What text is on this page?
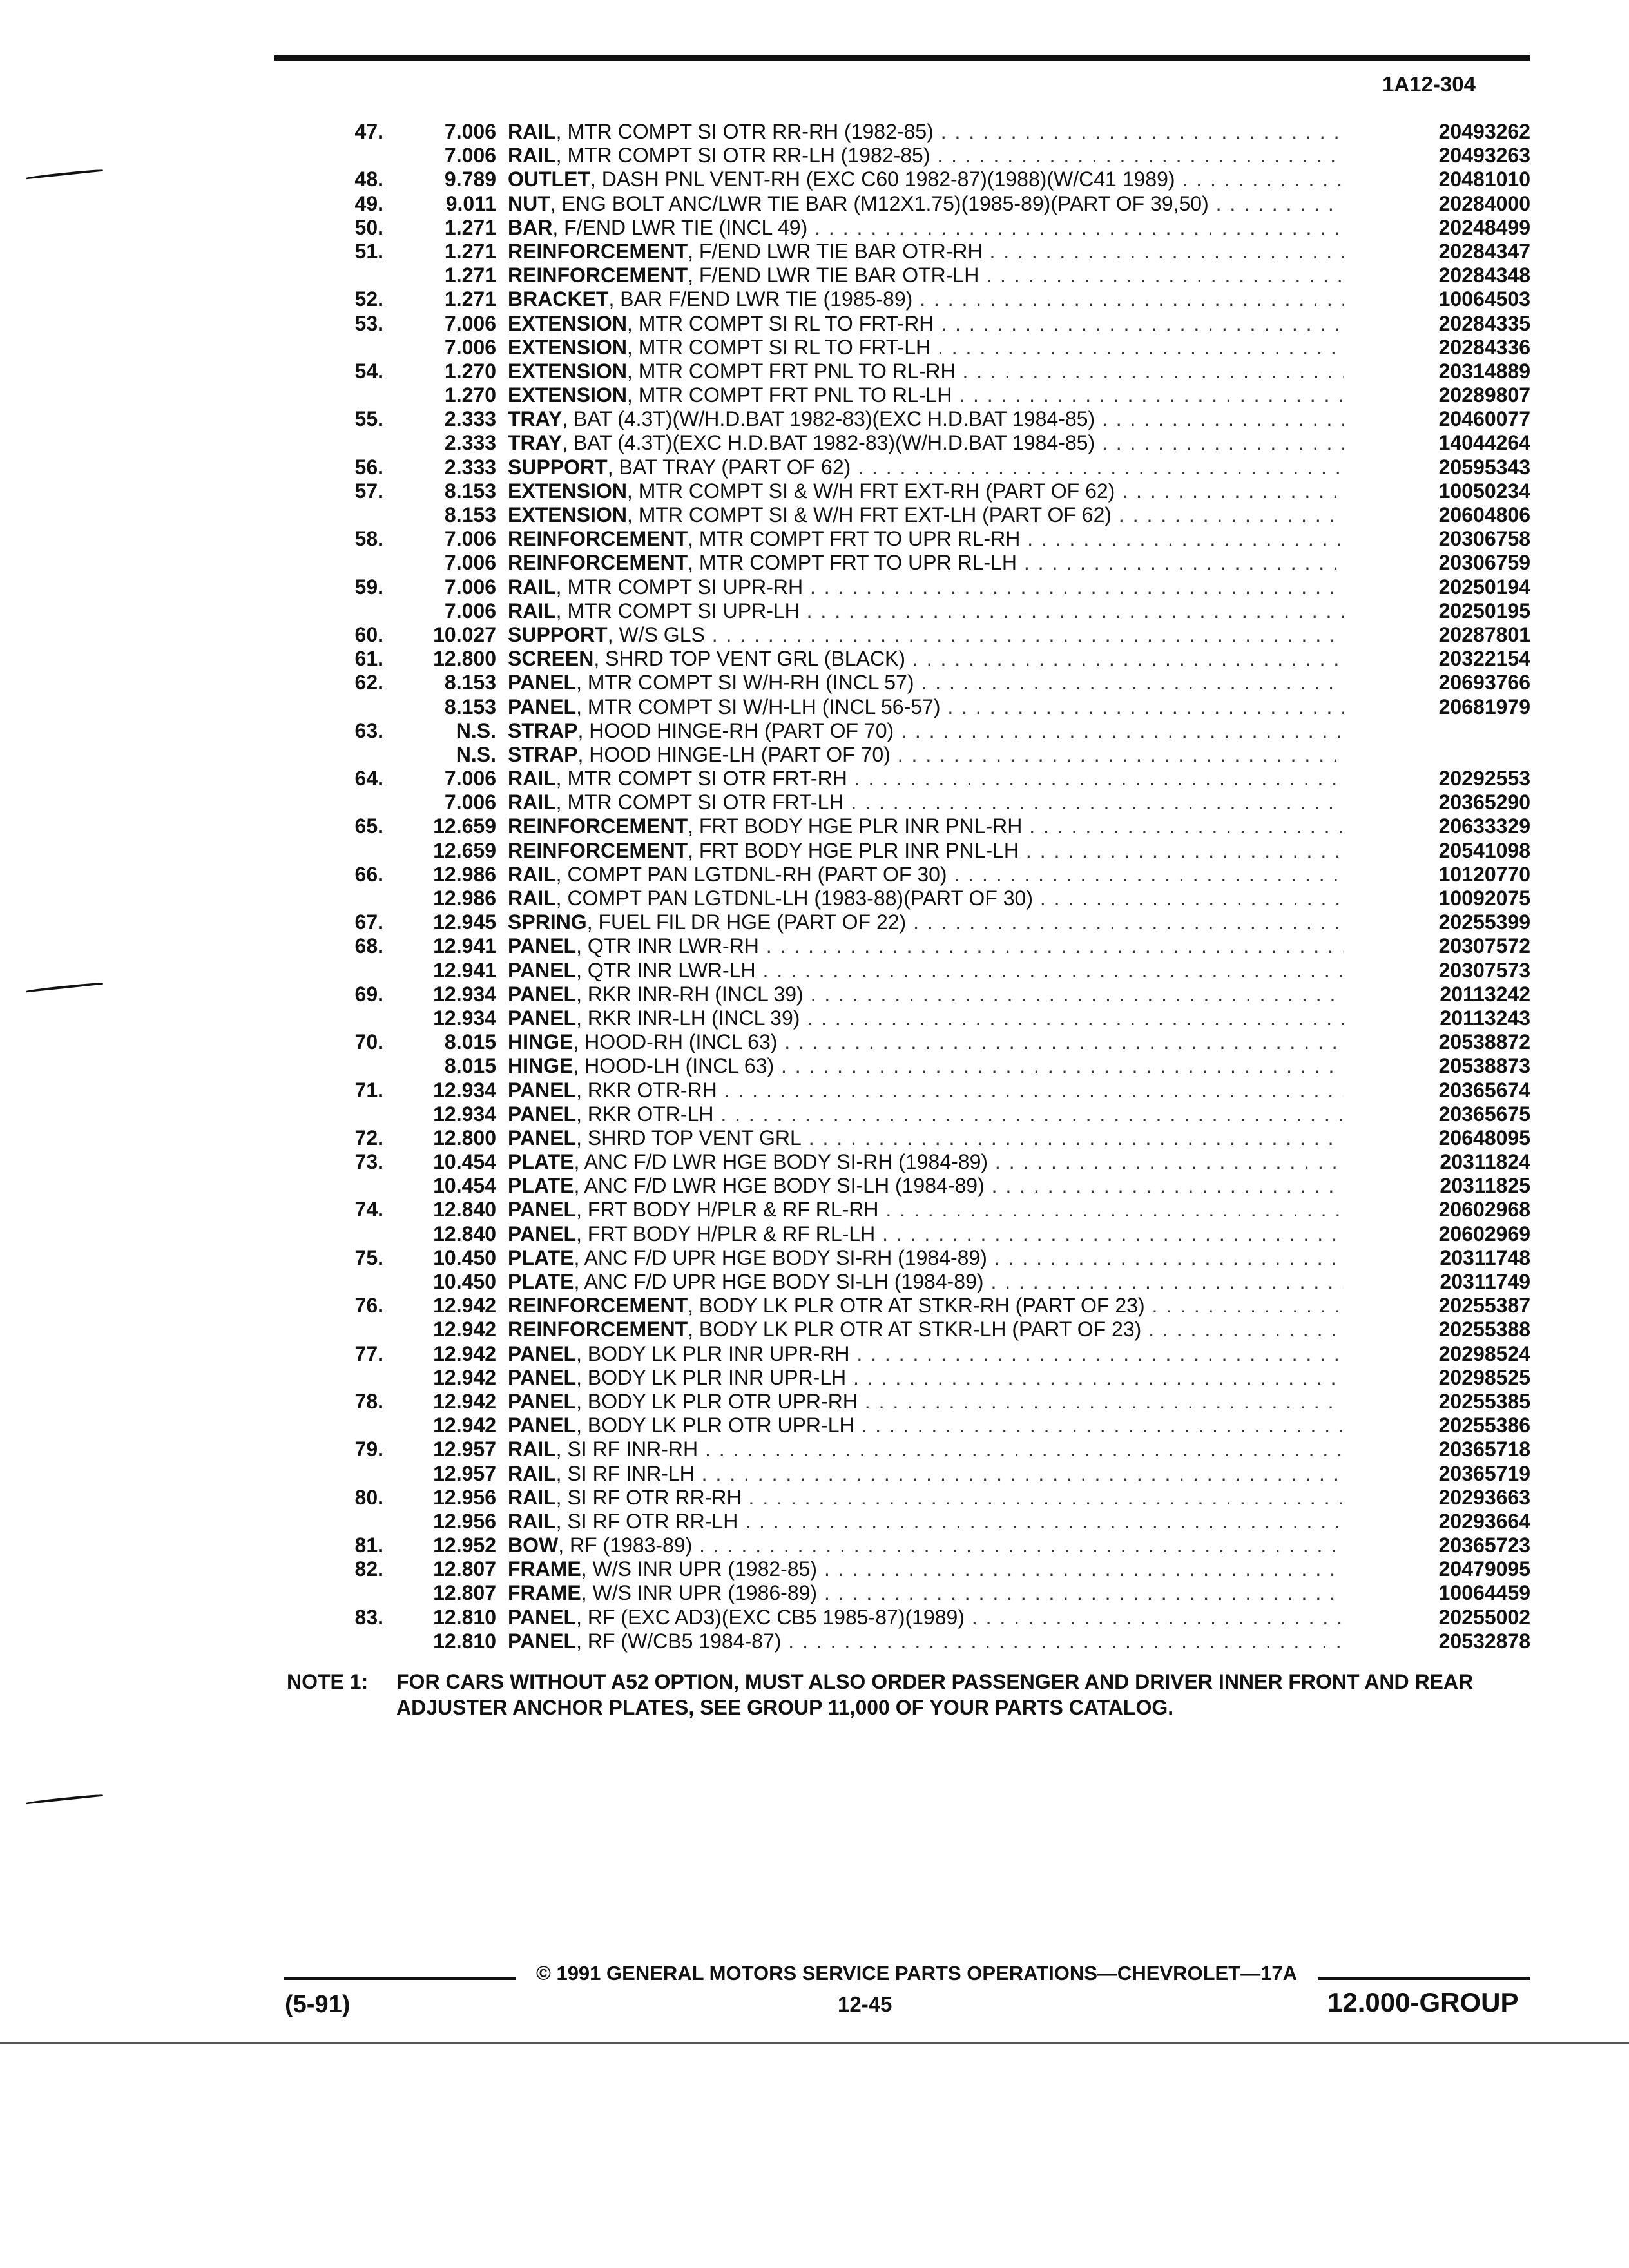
1A12-304
47.	7.006 RAIL, MTR COMPT SI OTR RR-RH (1982-85) . . .	20493262
7.006 RAIL, MTR COMPT SI OTR RR-LH (1982-85) . . .	20493263
48.	9.789 OUTLET, DASH PNL VENT-RH (EXC C60 1982-87)(1988)(W/C41 1989) . . .	20481010
49.	9.011 NUT, ENG BOLT ANC/LWR TIE BAR (M12X1.75)(1985-89)(PART OF 39,50) . . .	20284000
50.	1.271 BAR, F/END LWR TIE (INCL 49) . . .	20248499
51.	1.271 REINFORCEMENT, F/END LWR TIE BAR OTR-RH . . .	20284347
1.271 REINFORCEMENT, F/END LWR TIE BAR OTR-LH . . .	20284348
52.	1.271 BRACKET, BAR F/END LWR TIE (1985-89) . . .	10064503
53.	7.006 EXTENSION, MTR COMPT SI RL TO FRT-RH . . .	20284335
7.006 EXTENSION, MTR COMPT SI RL TO FRT-LH . . .	20284336
54.	1.270 EXTENSION, MTR COMPT FRT PNL TO RL-RH . . .	20314889
1.270 EXTENSION, MTR COMPT FRT PNL TO RL-LH . . .	20289807
55.	2.333 TRAY, BAT (4.3T)(W/H.D.BAT 1982-83)(EXC H.D.BAT 1984-85) . . .	20460077
2.333 TRAY, BAT (4.3T)(EXC H.D.BAT 1982-83)(W/H.D.BAT 1984-85) . . .	14044264
56.	2.333 SUPPORT, BAT TRAY (PART OF 62) . . .	20595343
57.	8.153 EXTENSION, MTR COMPT SI & W/H FRT EXT-RH (PART OF 62) . . .	10050234
8.153 EXTENSION, MTR COMPT SI & W/H FRT EXT-LH (PART OF 62) . . .	20604806
58.	7.006 REINFORCEMENT, MTR COMPT FRT TO UPR RL-RH . . .	20306758
7.006 REINFORCEMENT, MTR COMPT FRT TO UPR RL-LH . . .	20306759
59.	7.006 RAIL, MTR COMPT SI UPR-RH . . .	20250194
7.006 RAIL, MTR COMPT SI UPR-LH . . .	20250195
60.	10.027 SUPPORT, W/S GLS . . .	20287801
61.	12.800 SCREEN, SHRD TOP VENT GRL (BLACK) . . .	20322154
62.	8.153 PANEL, MTR COMPT SI W/H-RH (INCL 57) . . .	20693766
8.153 PANEL, MTR COMPT SI W/H-LH (INCL 56-57) . . .	20681979
63.	N.S. STRAP, HOOD HINGE-RH (PART OF 70) . . .
N.S. STRAP, HOOD HINGE-LH (PART OF 70) . . .
64.	7.006 RAIL, MTR COMPT SI OTR FRT-RH . . .	20292553
7.006 RAIL, MTR COMPT SI OTR FRT-LH . . .	20365290
65.	12.659 REINFORCEMENT, FRT BODY HGE PLR INR PNL-RH . . .	20633329
12.659 REINFORCEMENT, FRT BODY HGE PLR INR PNL-LH . . .	20541098
66.	12.986 RAIL, COMPT PAN LGTDNL-RH (PART OF 30) . . .	10120770
12.986 RAIL, COMPT PAN LGTDNL-LH (1983-88)(PART OF 30) . . .	10092075
67.	12.945 SPRING, FUEL FIL DR HGE (PART OF 22) . . .	20255399
68.	12.941 PANEL, QTR INR LWR-RH . . .	20307572
12.941 PANEL, QTR INR LWR-LH . . .	20307573
69.	12.934 PANEL, RKR INR-RH (INCL 39) . . .	20113242
12.934 PANEL, RKR INR-LH (INCL 39) . . .	20113243
70.	8.015 HINGE, HOOD-RH (INCL 63) . . .	20538872
8.015 HINGE, HOOD-LH (INCL 63) . . .	20538873
71.	12.934 PANEL, RKR OTR-RH . . .	20365674
12.934 PANEL, RKR OTR-LH . . .	20365675
72.	12.800 PANEL, SHRD TOP VENT GRL . . .	20648095
73.	10.454 PLATE, ANC F/D LWR HGE BODY SI-RH (1984-89) . . .	20311824
10.454 PLATE, ANC F/D LWR HGE BODY SI-LH (1984-89) . . .	20311825
74.	12.840 PANEL, FRT BODY H/PLR & RF RL-RH . . .	20602968
12.840 PANEL, FRT BODY H/PLR & RF RL-LH . . .	20602969
75.	10.450 PLATE, ANC F/D UPR HGE BODY SI-RH (1984-89) . . .	20311748
10.450 PLATE, ANC F/D UPR HGE BODY SI-LH (1984-89) . . .	20311749
76.	12.942 REINFORCEMENT, BODY LK PLR OTR AT STKR-RH (PART OF 23) . . .	20255387
12.942 REINFORCEMENT, BODY LK PLR OTR AT STKR-LH (PART OF 23) . . .	20255388
77.	12.942 PANEL, BODY LK PLR INR UPR-RH . . .	20298524
12.942 PANEL, BODY LK PLR INR UPR-LH . . .	20298525
78.	12.942 PANEL, BODY LK PLR OTR UPR-RH . . .	20255385
12.942 PANEL, BODY LK PLR OTR UPR-LH . . .	20255386
79.	12.957 RAIL, SI RF INR-RH . . .	20365718
12.957 RAIL, SI RF INR-LH . . .	20365719
80.	12.956 RAIL, SI RF OTR RR-RH . . .	20293663
12.956 RAIL, SI RF OTR RR-LH . . .	20293664
81.	12.952 BOW, RF (1983-89) . . .	20365723
82.	12.807 FRAME, W/S INR UPR (1982-85) . . .	20479095
12.807 FRAME, W/S INR UPR (1986-89) . . .	10064459
83.	12.810 PANEL, RF (EXC AD3)(EXC CB5 1985-87)(1989) . . .	20255002
12.810 PANEL, RF (W/CB5 1984-87) . . .	20532878
NOTE 1: FOR CARS WITHOUT A52 OPTION, MUST ALSO ORDER PASSENGER AND DRIVER INNER FRONT AND REAR ADJUSTER ANCHOR PLATES, SEE GROUP 11,000 OF YOUR PARTS CATALOG.
© 1991 GENERAL MOTORS SERVICE PARTS OPERATIONS—CHEVROLET—17A
(5-91)	12-45	12.000-GROUP
